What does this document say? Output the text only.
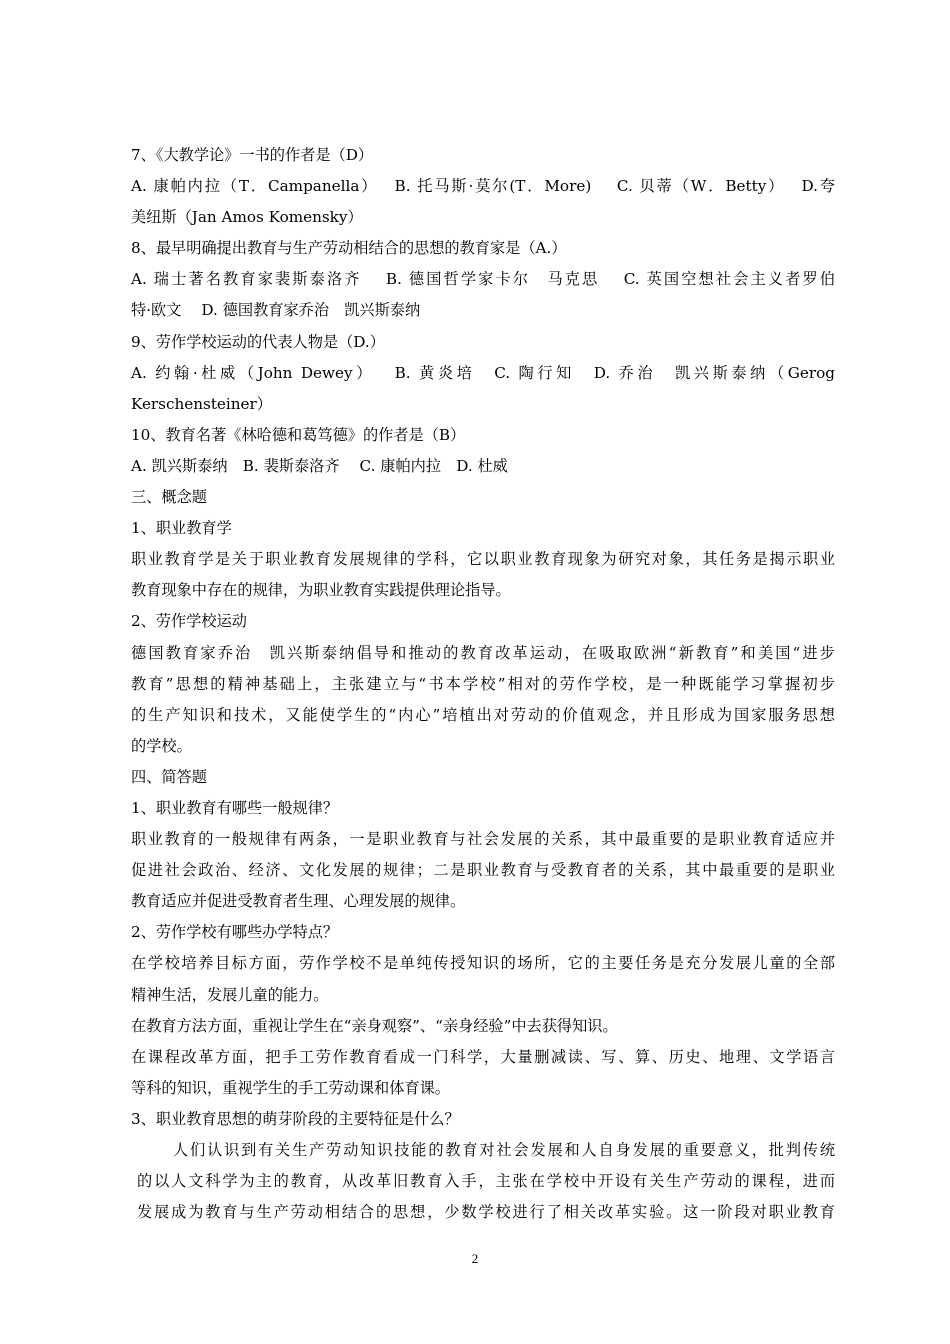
7、《大教学论》一书的作者是（D）
A. 康帕内拉（T．Campanella）　 B. 托马斯·莫尔(T．More)　 C. 贝蒂（W．Betty）　 D.夸
美纽斯（Jan Amos Komensky）
8、最早明确提出教育与生产劳动相结合的思想的教育家是（A.）
A. 瑞士著名教育家裴斯泰洛齐　 B. 德国哲学家卡尔　马克思　 C. 英国空想社会主义者罗伯
特·欧文　 D. 德国教育家乔治　凯兴斯泰纳
9、劳作学校运动的代表人物是（D.）
A. 约翰·杜威（John Dewey）　 B. 黄炎培　C. 陶行知　D. 乔治　凯兴斯泰纳（Gerog
Kerschensteiner）
10、教育名著《林哈德和葛笃德》的作者是（B）
A. 凯兴斯泰纳　B. 裴斯泰洛齐　 C. 康帕内拉　D. 杜威
三、概念题
1、职业教育学
职业教育学是关于职业教育发展规律的学科，它以职业教育现象为研究对象，其任务是揭示职业
教育现象中存在的规律，为职业教育实践提供理论指导。
2、劳作学校运动
德国教育家乔治　凯兴斯泰纳倡导和推动的教育改革运动，在吸取欧洲“新教育”和美国“进步
教育”思想的精神基础上，主张建立与“书本学校”相对的劳作学校，是一种既能学习掌握初步
的生产知识和技术，又能使学生的“内心”培植出对劳动的价值观念，并且形成为国家服务思想
的学校。
四、简答题
1、职业教育有哪些一般规律？
职业教育的一般规律有两条，一是职业教育与社会发展的关系，其中最重要的是职业教育适应并
促进社会政治、经济、文化发展的规律；二是职业教育与受教育者的关系，其中最重要的是职业
教育适应并促进受教育者生理、心理发展的规律。
2、劳作学校有哪些办学特点？
在学校培养目标方面，劳作学校不是单纯传授知识的场所，它的主要任务是充分发展儿童的全部
精神生活，发展儿童的能力。
在教育方法方面，重视让学生在“亲身观察”、“亲身经验”中去获得知识。
在课程改革方面，把手工劳作教育看成一门科学，大量删减读、写、算、历史、地理、文学语言
等科的知识，重视学生的手工劳动课和体育课。
3、职业教育思想的萌芽阶段的主要特征是什么？
人们认识到有关生产劳动知识技能的教育对社会发展和人自身发展的重要意义，批判传统
的以人文科学为主的教育，从改革旧教育入手，主张在学校中开设有关生产劳动的课程，进而
发展成为教育与生产劳动相结合的思想，少数学校进行了相关改革实验。这一阶段对职业教育
2
